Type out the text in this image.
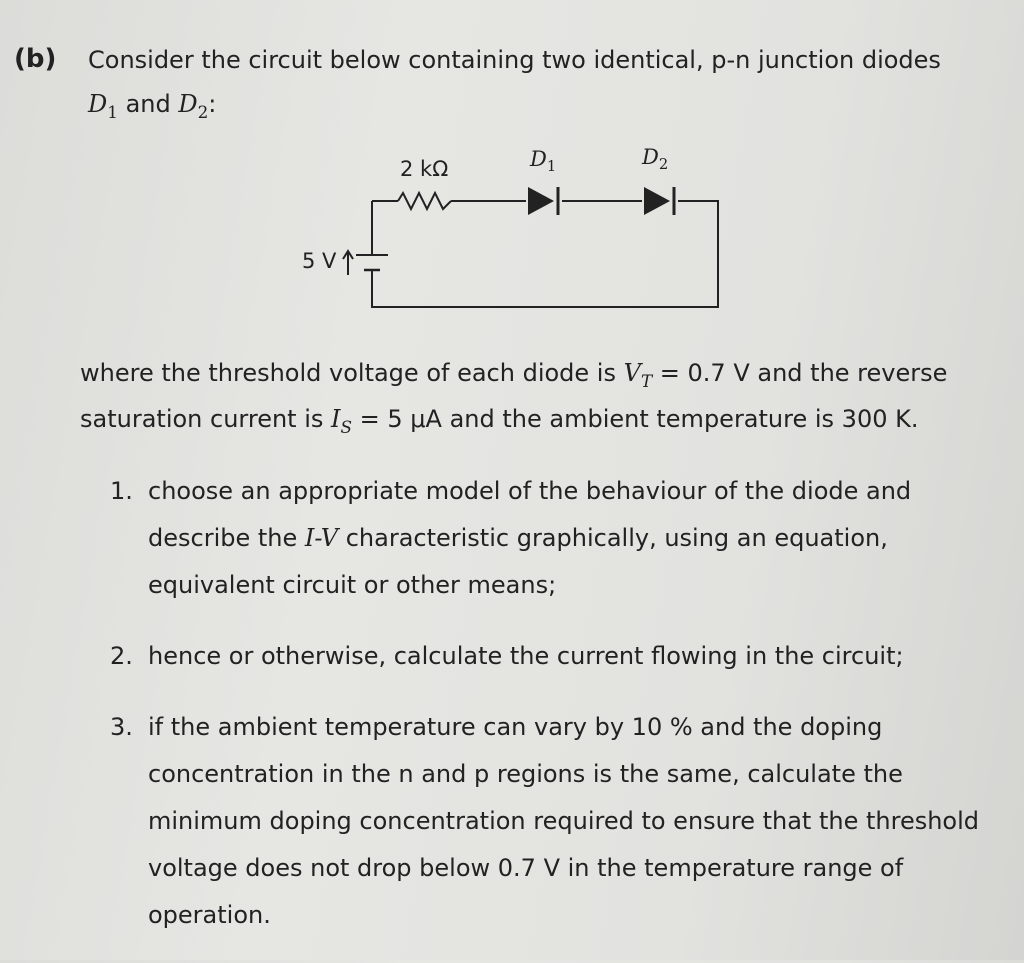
(b) Consider the circuit below containing two identical, p-n junction diodes
$D_1$ and $D_2$:
2 kΩ	$D_1$	$D_2$
5 V
where the threshold voltage of each diode is $V_T = 0.7$ V and the reverse saturation current is $I_S = 5$ μA and the ambient temperature is 300 K.
1. choose an appropriate model of the behaviour of the diode and describe the I-V characteristic graphically, using an equation, equivalent circuit or other means;
2. hence or otherwise, calculate the current flowing in the circuit;
3. if the ambient temperature can vary by 10 % and the doping concentration in the n and p regions is the same, calculate the minimum doping concentration required to ensure that the threshold voltage does not drop below 0.7 V in the temperature range of operation.
